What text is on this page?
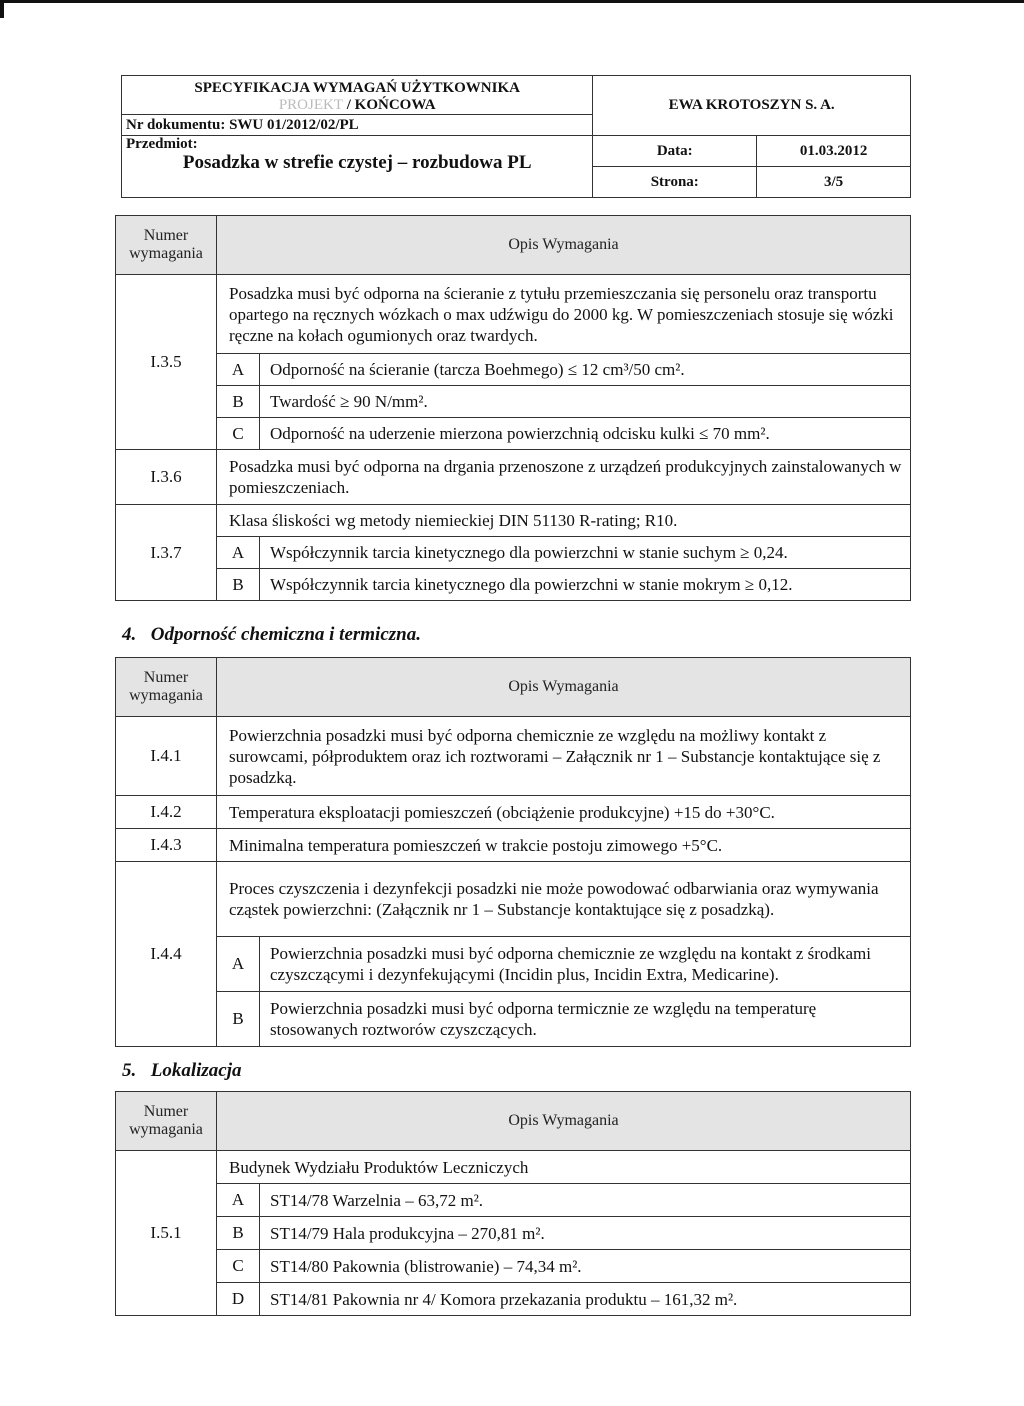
SPECYFIKACJA WYMAGAŃ UŻYTKOWNIKA
PROJEKT / KOŃCOWA	EWA KROTOSZYN S. A.	
Nr dokumentu: SWU 01/2012/02/PL		

Przedmiot:
Posadzka w strefie czystej – rozbudowa PL	Data:	01.03.2012
	Strona:	3/5
Numer wymagania	Opis Wymagania	
I.3.5	Posadzka musi być odporna na ścieranie z tytułu przemieszczania się personelu oraz transportu opartego na ręcznych wózkach o max udźwigu do 2000 kg. W pomieszczeniach stosuje się wózki ręczne na kołach ogumionych oraz twardych.	
	A	Odporność na ścieranie (tarcza Boehmego) ≤ 12 cm³/50 cm².
	B	Twardość ≥ 90 N/mm².
	C	Odporność na uderzenie mierzona powierzchnią odcisku kulki ≤ 70 mm².
I.3.6	Posadzka musi być odporna na drgania przenoszone z urządzeń produkcyjnych zainstalowanych w pomieszczeniach.	
I.3.7	Klasa śliskości wg metody niemieckiej DIN 51130 R-rating; R10.	
	A	Współczynnik tarcia kinetycznego dla powierzchni w stanie suchym ≥ 0,24.
	B	Współczynnik tarcia kinetycznego dla powierzchni w stanie mokrym ≥ 0,12.
4. Odporność chemiczna i termiczna.
Numer wymagania	Opis Wymagania	
I.4.1	Powierzchnia posadzki musi być odporna chemicznie ze względu na możliwy kontakt z surowcami, półproduktem oraz ich roztworami – Załącznik nr 1 – Substancje kontaktujące się z posadzką.	
I.4.2	Temperatura eksploatacji pomieszczeń (obciążenie produkcyjne) +15 do +30°C.	
I.4.3	Minimalna temperatura pomieszczeń w trakcie postoju zimowego +5°C.	
I.4.4	Proces czyszczenia i dezynfekcji posadzki nie może powodować odbarwiania oraz wymywania cząstek powierzchni: (Załącznik nr 1 – Substancje kontaktujące się z posadzką).	
	A	Powierzchnia posadzki musi być odporna chemicznie ze względu na kontakt z środkami czyszczącymi i dezynfekującymi (Incidin plus, Incidin Extra, Medicarine).
	B	Powierzchnia posadzki musi być odporna termicznie ze względu na temperaturę stosowanych roztworów czyszczących.
5. Lokalizacja
Numer wymagania	Opis Wymagania	
I.5.1	Budynek Wydziału Produktów Leczniczych	
	A	ST14/78 Warzelnia – 63,72 m².
	B	ST14/79 Hala produkcyjna – 270,81 m².
	C	ST14/80 Pakownia (blistrowanie) – 74,34 m².
	D	ST14/81 Pakownia nr 4/ Komora przekazania produktu – 161,32 m².
